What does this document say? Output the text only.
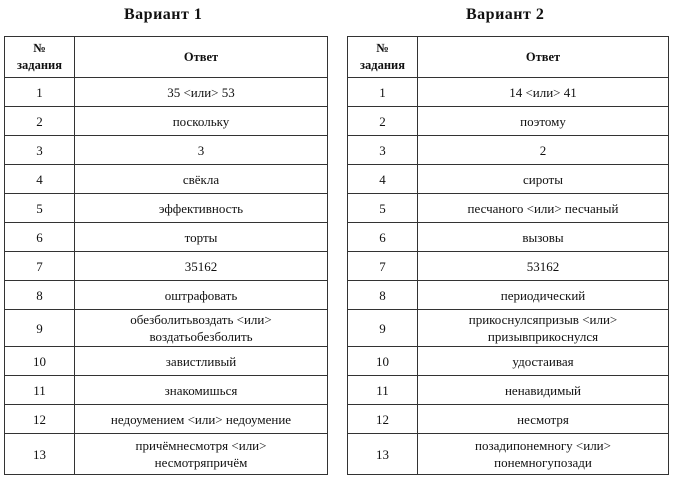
Вариант 1	Вариант 2
№
задания	Ответ
1	35 <или> 53
2	поскольку
3	3
4	свёкла
5	эффективность
6	торты
7	35162
8	оштрафовать
9	обезболитьвоздать <или>
воздатьобезболить

10	завистливый
11	знакомишься
12	недоумением <или> недоумение
13	причёмнесмотря <или>
несмотряпричём
№
задания	Ответ
1	14 <или> 41
2	поэтому
3	2
4	сироты
5	песчаного <или> песчаный
6	вызовы
7	53162
8	периодический
9	прикоснулсяпризыв <или>
призывприкоснулся

10	удостаивая
11	ненавидимый
12	несмотря
13	позадипонемногу <или>
понемногупозади
